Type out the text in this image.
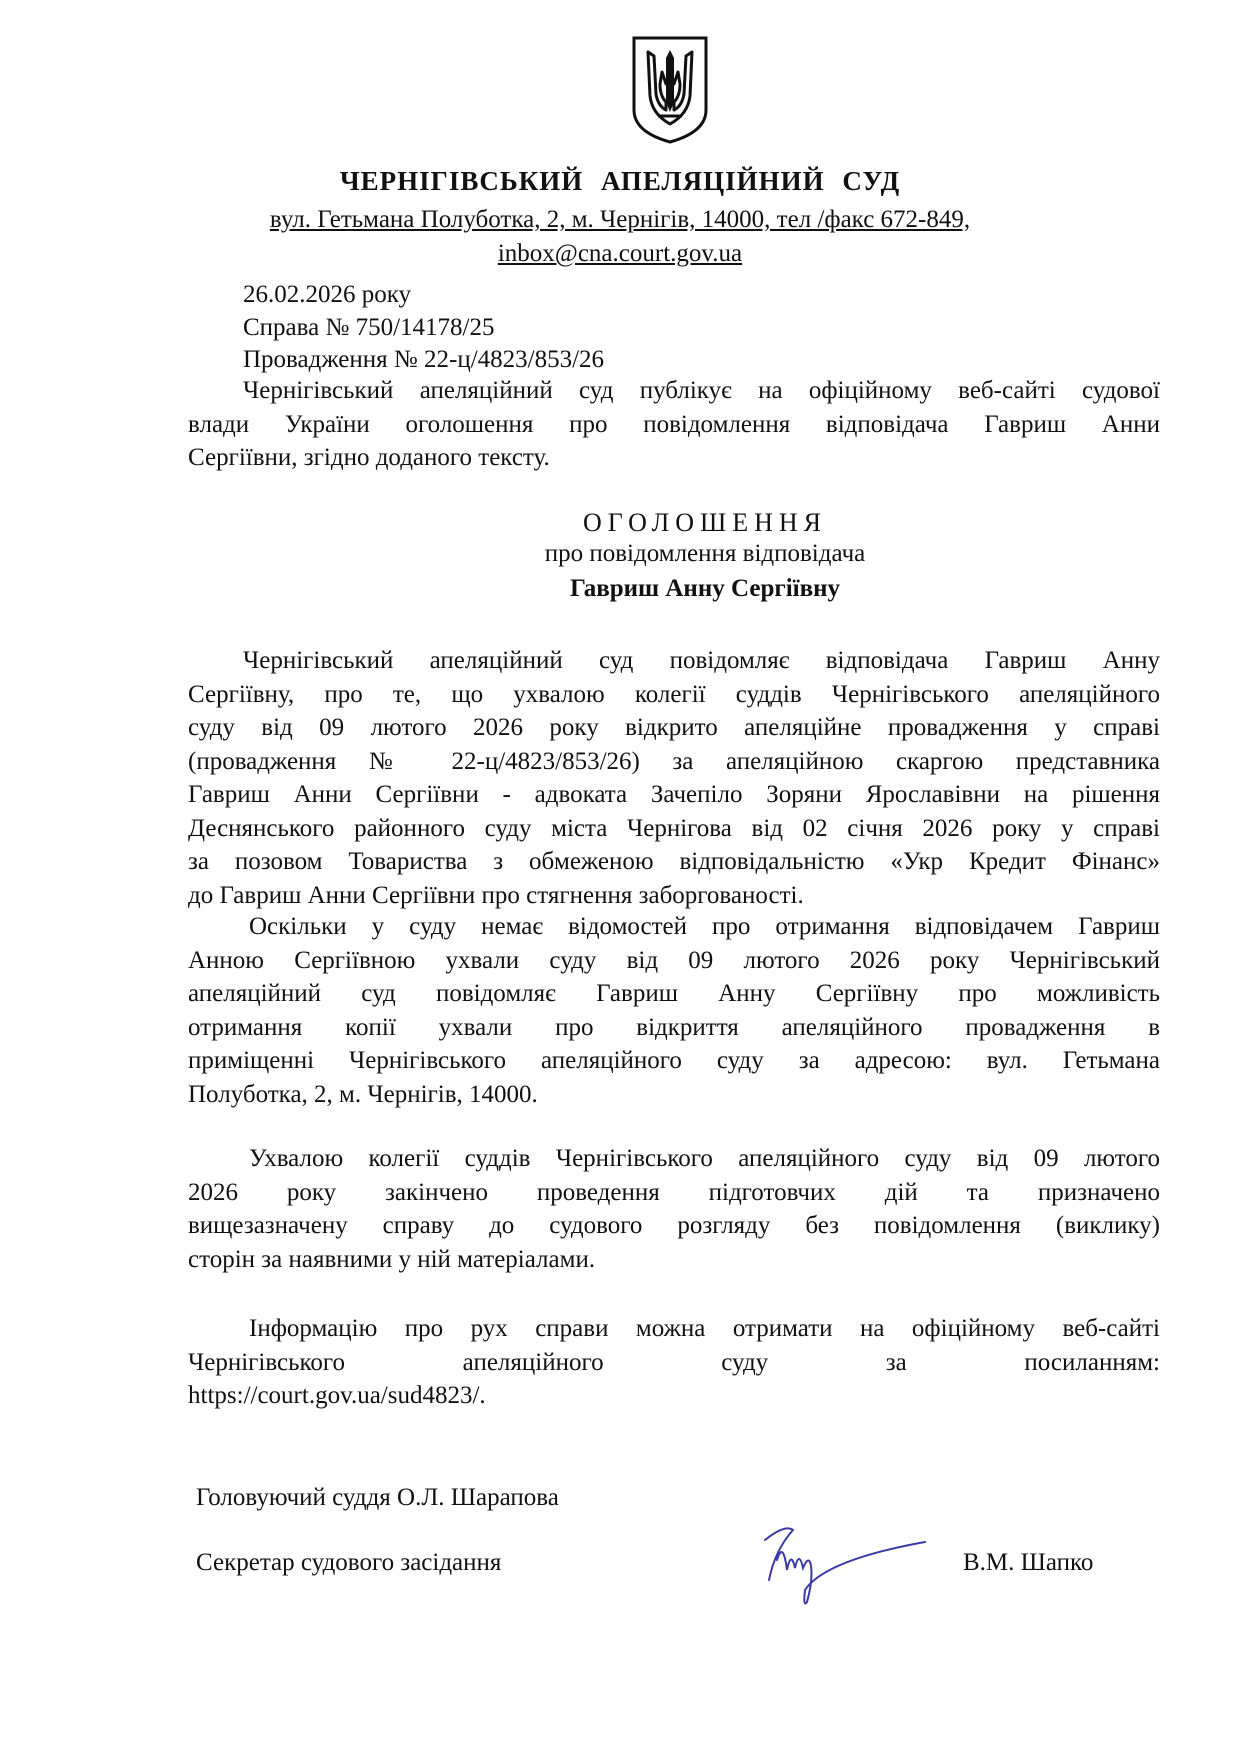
ЧЕРНІГІВСЬКИЙ АПЕЛЯЦІЙНИЙ СУД
вул. Гетьмана Полуботка, 2, м. Чернігів, 14000, тел /факс 672-849,
inbox@cna.court.gov.ua
26.02.2026 року
Справа № 750/14178/25
Провадження № 22-ц/4823/853/26
Чернігівський апеляційний суд публікує на офіційному веб-сайті судової
влади України оголошення про повідомлення відповідача Гавриш Анни
Сергіївни, згідно доданого тексту.
ОГОЛОШЕННЯ
про повідомлення відповідача
Гавриш Анну Сергіївну
Чернігівський апеляційний суд повідомляє відповідача Гавриш Анну
Сергіївну, про те, що ухвалою колегії суддів Чернігівського апеляційного
суду від 09 лютого 2026 року відкрито апеляційне провадження у справі
(провадження № 22-ц/4823/853/26) за апеляційною скаргою представника
Гавриш Анни Сергіївни - адвоката Зачепіло Зоряни Ярославівни на рішення
Деснянського районного суду міста Чернігова від 02 січня 2026 року у справі
за позовом Товариства з обмеженою відповідальністю «Укр Кредит Фінанс»
до Гавриш Анни Сергіївни про стягнення заборгованості.
Оскільки у суду немає відомостей про отримання відповідачем Гавриш
Анною Сергіївною ухвали суду від 09 лютого 2026 року Чернігівський
апеляційний суд повідомляє Гавриш Анну Сергіївну про можливість
отримання копії ухвали про відкриття апеляційного провадження в
приміщенні Чернігівського апеляційного суду за адресою: вул. Гетьмана
Полуботка, 2, м. Чернігів, 14000.
Ухвалою колегії суддів Чернігівського апеляційного суду від 09 лютого
2026 року закінчено проведення підготовчих дій та призначено
вищезазначену справу до судового розгляду без повідомлення (виклику)
сторін за наявними у ній матеріалами.
Інформацію про рух справи можна отримати на офіційному веб-сайті
Чернігівського апеляційного суду за посиланням:
https://court.gov.ua/sud4823/.
Головуючий суддя О.Л. Шарапова
Секретар судового засідання	В.М. Шапко
